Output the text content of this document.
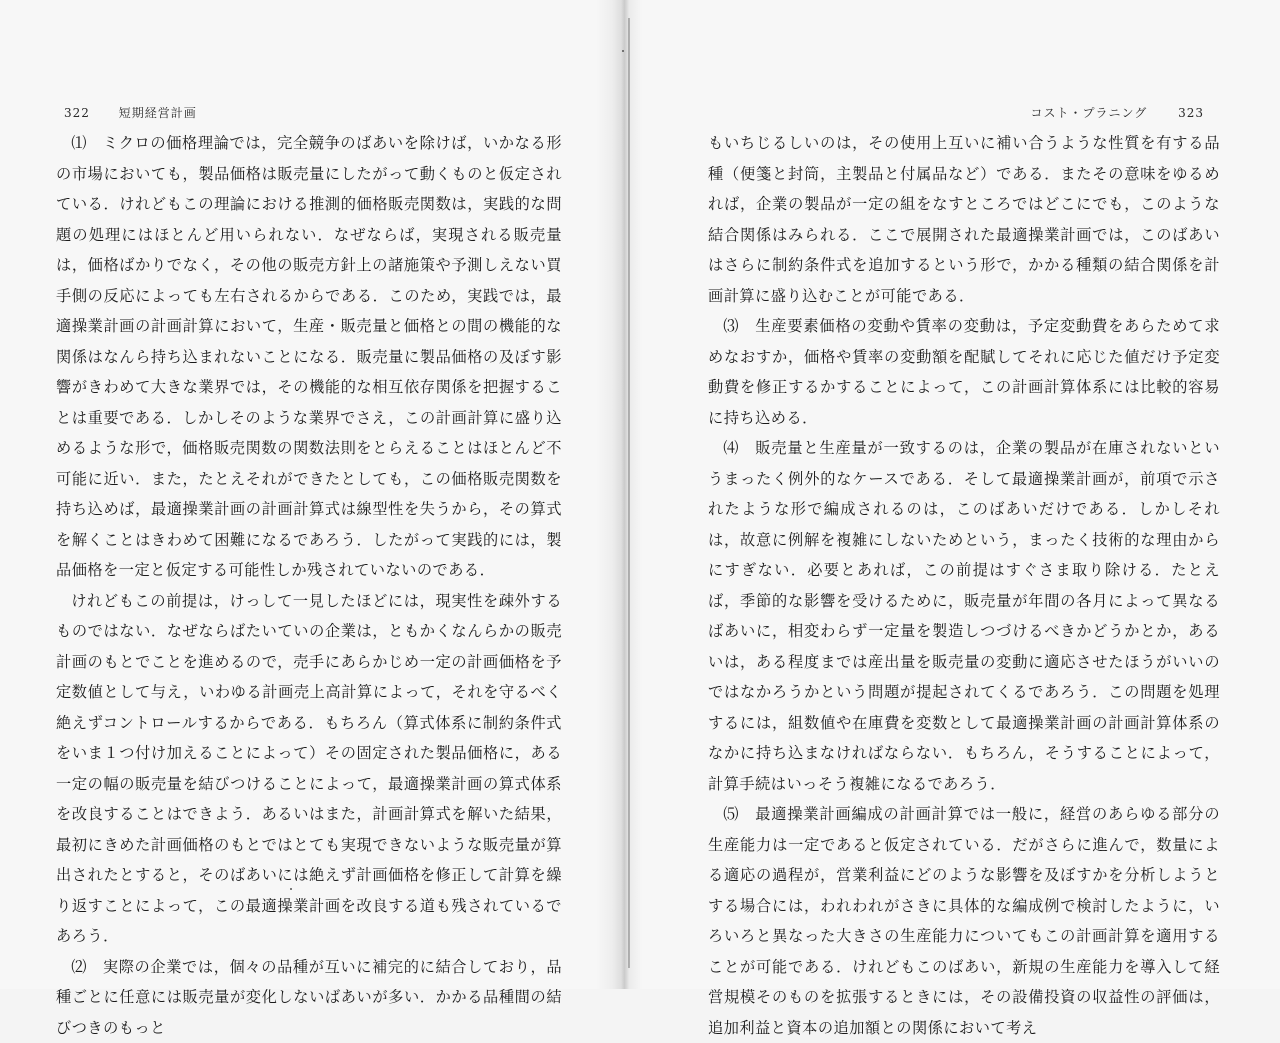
322 短期経営計画	コスト・プラニング	323

⑴　ミクロの価格理論では，完全競争のばあいを除けば，いかなる形の市場においても，製品価格は販売量にしたがって動くものと仮定されている．けれどもこの理論における推測的価格販売関数は，実践的な問題の処理にはほとんど用いられない．なぜならば，実現される販売量は，価格ばかりでなく，その他の販売方針上の諸施策や予測しえない買手側の反応によっても左右されるからである．このため，実践では，最適操業計画の計画計算において，生産・販売量と価格との間の機能的な関係はなんら持ち込まれないことになる．販売量に製品価格の及ぼす影響がきわめて大きな業界では，その機能的な相互依存関係を把握することは重要である．しかしそのような業界でさえ，この計画計算に盛り込めるような形で，価格販売関数の関数法則をとらえることはほとんど不可能に近い．また，たとえそれができたとしても，この価格販売関数を持ち込めば，最適操業計画の計画計算式は線型性を失うから，その算式を解くことはきわめて困難になるであろう．したがって実践的には，製品価格を一定と仮定する可能性しか残されていないのである．

けれどもこの前提は，けっして一見したほどには，現実性を疎外するものではない．なぜならばたいていの企業は，ともかくなんらかの販売計画のもとでことを進めるので，売手にあらかじめ一定の計画価格を予定数値として与え，いわゆる計画売上高計算によって，それを守るべく絶えずコントロールするからである．もちろん（算式体系に制約条件式をいま１つ付け加えることによって）その固定された製品価格に，ある一定の幅の販売量を結びつけることによって，最適操業計画の算式体系を改良することはできよう．あるいはまた，計画計算式を解いた結果，最初にきめた計画価格のもとではとても実現できないような販売量が算出されたとすると，そのばあいには絶えず計画価格を修正して計算を繰り返すことによって，この最適操業計画を改良する道も残されているであろう．

⑵　実際の企業では，個々の品種が互いに補完的に結合しており，品種ごとに任意には販売量が変化しないばあいが多い．かかる品種間の結びつきのもっと

もいちじるしいのは，その使用上互いに補い合うような性質を有する品種（便箋と封筒，主製品と付属品など）である．またその意味をゆるめれば，企業の製品が一定の組をなすところではどこにでも，このような結合関係はみられる．ここで展開された最適操業計画では，このばあいはさらに制約条件式を追加するという形で，かかる種類の結合関係を計画計算に盛り込むことが可能である．

⑶　生産要素価格の変動や賃率の変動は，予定変動費をあらためて求めなおすか，価格や賃率の変動額を配賦してそれに応じた値だけ予定変動費を修正するかすることによって，この計画計算体系には比較的容易に持ち込める．

⑷　販売量と生産量が一致するのは，企業の製品が在庫されないというまったく例外的なケースである．そして最適操業計画が，前項で示されたような形で編成されるのは，このばあいだけである．しかしそれは，故意に例解を複雑にしないためという，まったく技術的な理由からにすぎない．必要とあれば，この前提はすぐさま取り除ける．たとえば，季節的な影響を受けるために，販売量が年間の各月によって異なるばあいに，相変わらず一定量を製造しつづけるべきかどうかとか，あるいは，ある程度までは産出量を販売量の変動に適応させたほうがいいのではなかろうかという問題が提起されてくるであろう．この問題を処理するには，組数値や在庫費を変数として最適操業計画の計画計算体系のなかに持ち込まなければならない．もちろん，そうすることによって，計算手続はいっそう複雑になるであろう．

⑸　最適操業計画編成の計画計算では一般に，経営のあらゆる部分の生産能力は一定であると仮定されている．だがさらに進んで，数量による適応の過程が，営業利益にどのような影響を及ぼすかを分析しようとする場合には，われわれがさきに具体的な編成例で検討したように，いろいろと異なった大きさの生産能力についてもこの計画計算を適用することが可能である．けれどもこのばあい，新規の生産能力を導入して経営規模そのものを拡張するときには，その設備投資の収益性の評価は，追加利益と資本の追加額との関係において考え
